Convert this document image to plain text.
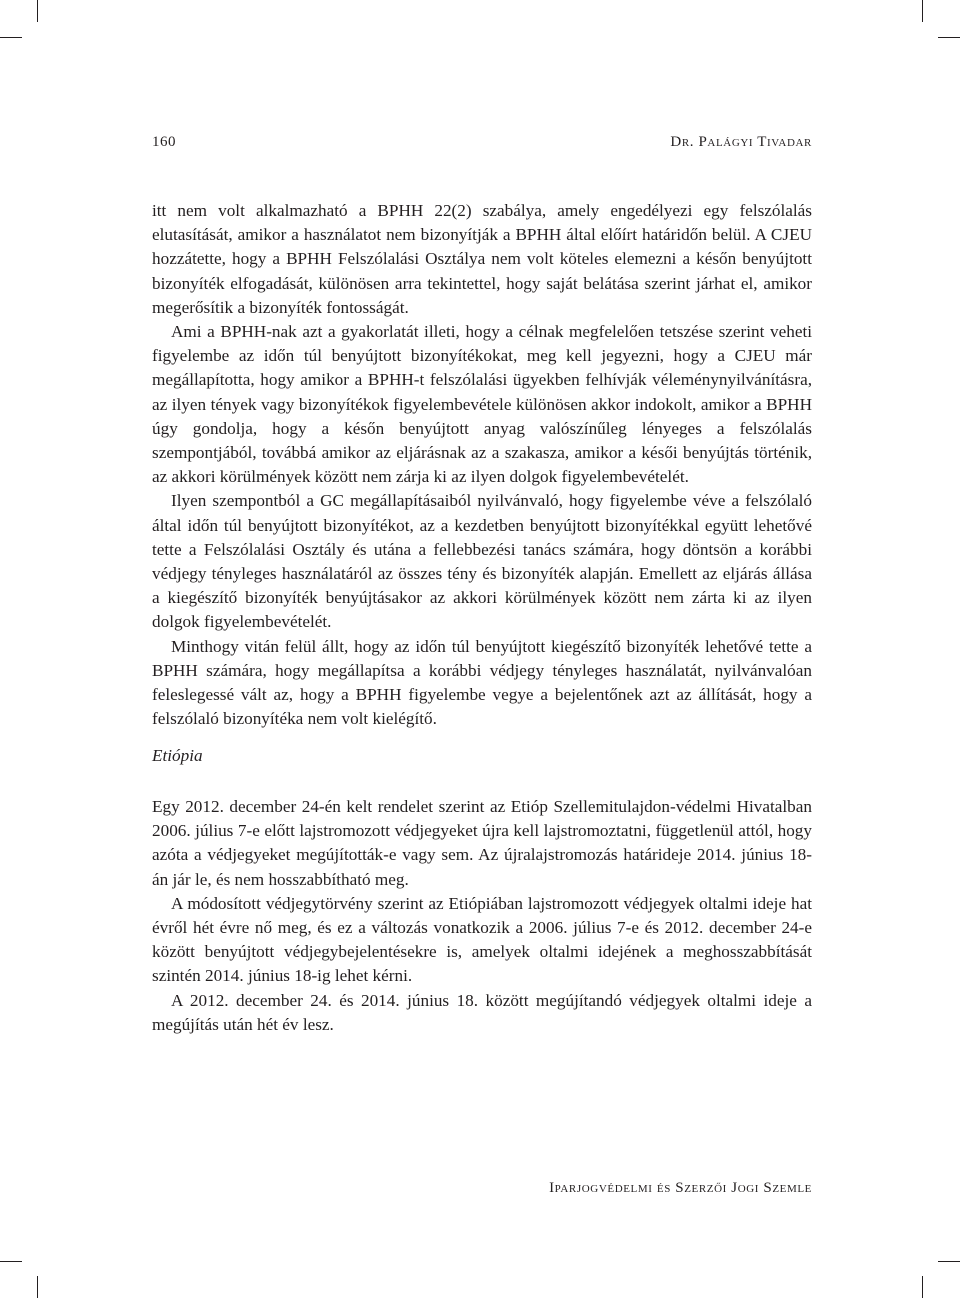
160	Dr. Palágyi Tivadar

itt nem volt alkalmazható a BPHH 22(2) szabálya, amely engedélyezi egy felszólalás elutasítását, amikor a használatot nem bizonyítják a BPHH által előírt határidőn belül. A CJEU hozzátette, hogy a BPHH Felszólalási Osztálya nem volt köteles elemezni a későn benyújtott bizonyíték elfogadását, különösen arra tekintettel, hogy saját belátása szerint járhat el, amikor megerősítik a bizonyíték fontosságát.

Ami a BPHH-nak azt a gyakorlatát illeti, hogy a célnak megfelelően tetszése szerint veheti figyelembe az időn túl benyújtott bizonyítékokat, meg kell jegyezni, hogy a CJEU már megállapította, hogy amikor a BPHH-t felszólalási ügyekben felhívják véleménynyilvánításra, az ilyen tények vagy bizonyítékok figyelembevétele különösen akkor indokolt, amikor a BPHH úgy gondolja, hogy a későn benyújtott anyag valószínűleg lényeges a felszólalás szempontjából, továbbá amikor az eljárásnak az a szakasza, amikor a késői benyújtás történik, az akkori körülmények között nem zárja ki az ilyen dolgok figyelembevételét.

Ilyen szempontból a GC megállapításaiból nyilvánvaló, hogy figyelembe véve a felszólaló által időn túl benyújtott bizonyítékot, az a kezdetben benyújtott bizonyítékkal együtt lehetővé tette a Felszólalási Osztály és utána a fellebbezési tanács számára, hogy döntsön a korábbi védjegy tényleges használatáról az összes tény és bizonyíték alapján. Emellett az eljárás állása a kiegészítő bizonyíték benyújtásakor az akkori körülmények között nem zárta ki az ilyen dolgok figyelembevételét.

Minthogy vitán felül állt, hogy az időn túl benyújtott kiegészítő bizonyíték lehetővé tette a BPHH számára, hogy megállapítsa a korábbi védjegy tényleges használatát, nyilvánvalóan feleslegessé vált az, hogy a BPHH figyelembe vegye a bejelentőnek azt az állítását, hogy a felszólaló bizonyítéka nem volt kielégítő.

Etiópia

Egy 2012. december 24-én kelt rendelet szerint az Etióp Szellemitulajdon-védelmi Hivatalban 2006. július 7-e előtt lajstromozott védjegyeket újra kell lajstromoztatni, függetlenül attól, hogy azóta a védjegyeket megújították-e vagy sem. Az újralajstromozás határideje 2014. június 18-án jár le, és nem hosszabbítható meg.

A módosított védjegytörvény szerint az Etiópiában lajstromozott védjegyek oltalmi ideje hat évről hét évre nő meg, és ez a változás vonatkozik a 2006. július 7-e és 2012. december 24-e között benyújtott védjegybejelentésekre is, amelyek oltalmi idejének a meghosszabbítását szintén 2014. június 18-ig lehet kérni.

A 2012. december 24. és 2014. június 18. között megújítandó védjegyek oltalmi ideje a megújítás után hét év lesz.

Iparjogvédelmi és Szerzői Jogi Szemle
